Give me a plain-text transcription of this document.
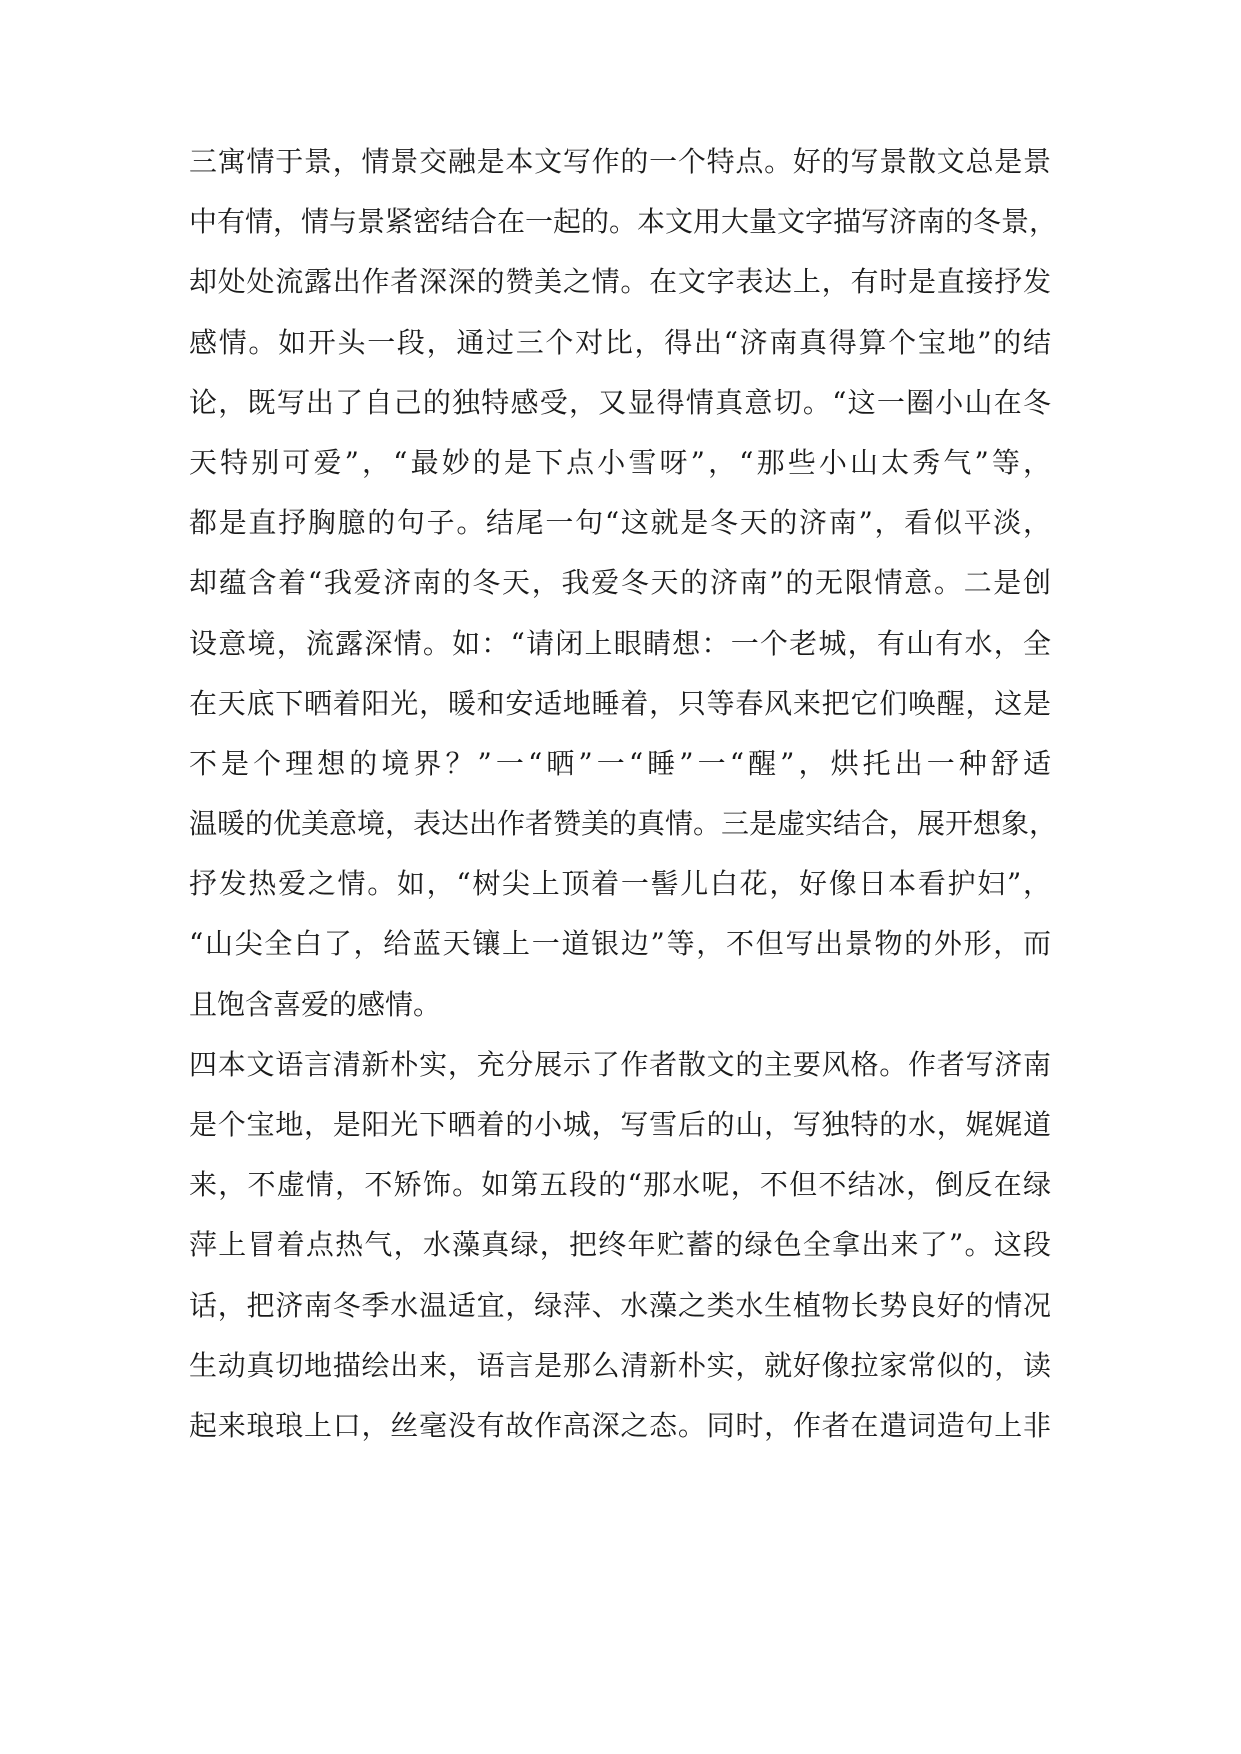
三寓情于景，情景交融是本文写作的一个特点。好的写景散文总是景
中有情，情与景紧密结合在一起的。本文用大量文字描写济南的冬景，
却处处流露出作者深深的赞美之情。在文字表达上，有时是直接抒发
感情。如开头一段，通过三个对比，得出“济南真得算个宝地”的结
论，既写出了自己的独特感受，又显得情真意切。“这一圈小山在冬
天特别可爱”，“最妙的是下点小雪呀”，“那些小山太秀气”等，
都是直抒胸臆的句子。结尾一句“这就是冬天的济南”，看似平淡，
却蕴含着“我爱济南的冬天，我爱冬天的济南”的无限情意。二是创
设意境，流露深情。如：“请闭上眼睛想：一个老城，有山有水，全
在天底下晒着阳光，暖和安适地睡着，只等春风来把它们唤醒，这是
不是个理想的境界？”一“晒”一“睡”一“醒”，烘托出一种舒适
温暖的优美意境，表达出作者赞美的真情。三是虚实结合，展开想象，
抒发热爱之情。如，“树尖上顶着一髻儿白花，好像日本看护妇”，
“山尖全白了，给蓝天镶上一道银边”等，不但写出景物的外形，而
且饱含喜爱的感情。
四本文语言清新朴实，充分展示了作者散文的主要风格。作者写济南
是个宝地，是阳光下晒着的小城，写雪后的山，写独特的水，娓娓道
来，不虚情，不矫饰。如第五段的“那水呢，不但不结冰，倒反在绿
萍上冒着点热气，水藻真绿，把终年贮蓄的绿色全拿出来了”。这段
话，把济南冬季水温适宜，绿萍、水藻之类水生植物长势良好的情况
生动真切地描绘出来，语言是那么清新朴实，就好像拉家常似的，读
起来琅琅上口，丝毫没有故作高深之态。同时，作者在遣词造句上非
